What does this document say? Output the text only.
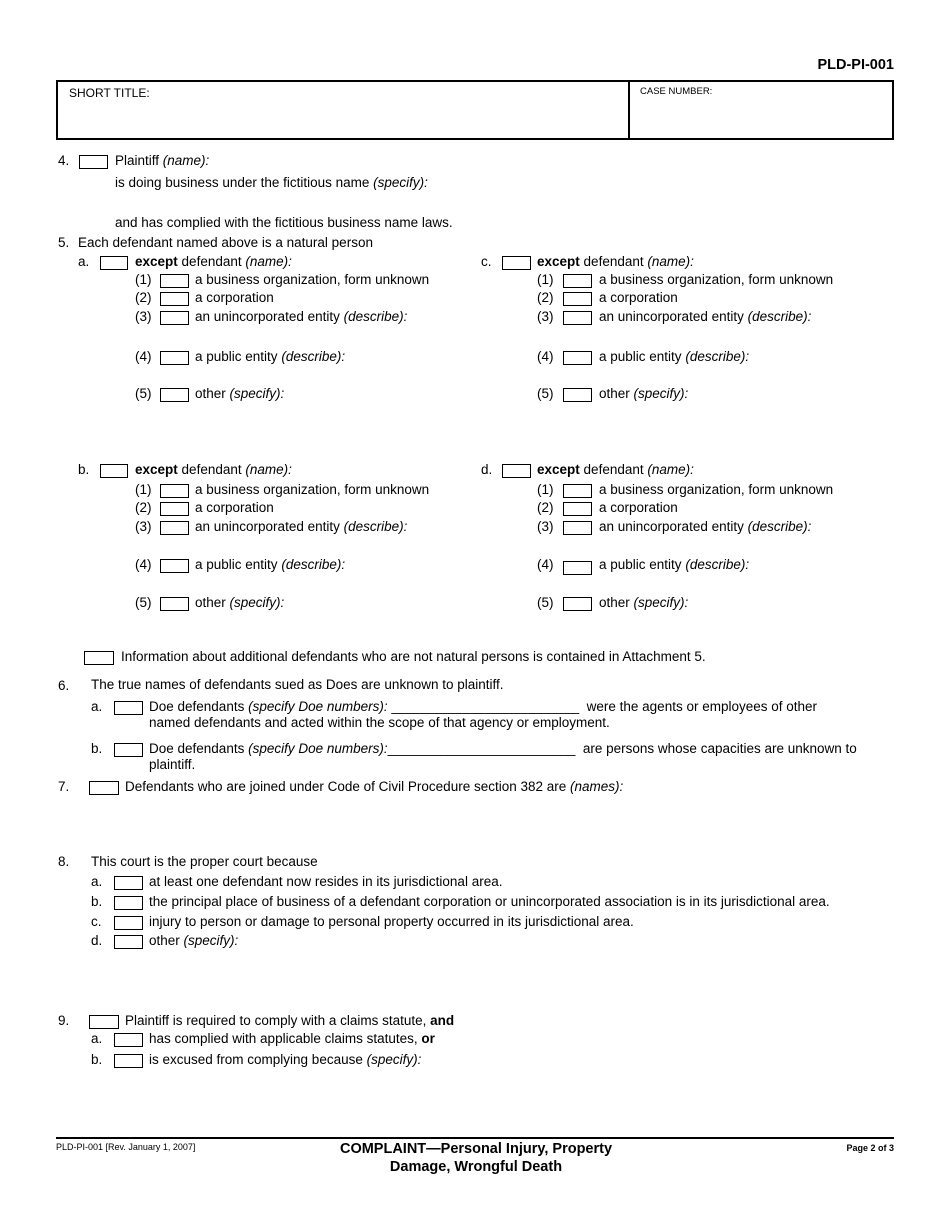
PLD-PI-001
SHORT TITLE:	CASE NUMBER:
4.	Plaintiff (name):
is doing business under the fictitious name (specify):
and has complied with the fictitious business name laws.
5. Each defendant named above is a natural person
a.	except defendant (name):
(1)	a business organization, form unknown
(2)	a corporation
(3)	an unincorporated entity (describe):
(4)	a public entity (describe):
(5)	other (specify):
c.	except defendant (name):
(1)	a business organization, form unknown
(2)	a corporation
(3)	an unincorporated entity (describe):
(4)	a public entity (describe):
(5)	other (specify):
b.	except defendant (name):
(1)	a business organization, form unknown
(2)	a corporation
(3)	an unincorporated entity (describe):
(4)	a public entity (describe):
(5)	other (specify):
d.	except defendant (name):
(1)	a business organization, form unknown
(2)	a corporation
(3)	an unincorporated entity (describe):
(4)	a public entity (describe):
(5)	other (specify):
Information about additional defendants who are not natural persons is contained in Attachment 5.
6. The true names of defendants sued as Does are unknown to plaintiff.
a.	Doe defendants (specify Doe numbers): _________________________ were the agents or employees of other
named defendants and acted within the scope of that agency or employment.
b.	Doe defendants (specify Doe numbers):_________________________ are persons whose capacities are unknown to
plaintiff.
7.	Defendants who are joined under Code of Civil Procedure section 382 are (names):
8. This court is the proper court because
a.	at least one defendant now resides in its jurisdictional area.
b.	the principal place of business of a defendant corporation or unincorporated association is in its jurisdictional area.
c.	injury to person or damage to personal property occurred in its jurisdictional area.
d.	other (specify):
9.	Plaintiff is required to comply with a claims statute, and
a.	has complied with applicable claims statutes, or
b.	is excused from complying because (specify):
PLD-PI-001 [Rev. January 1, 2007]	COMPLAINT—Personal Injury, Property
Damage, Wrongful Death
Page 2 of 3
